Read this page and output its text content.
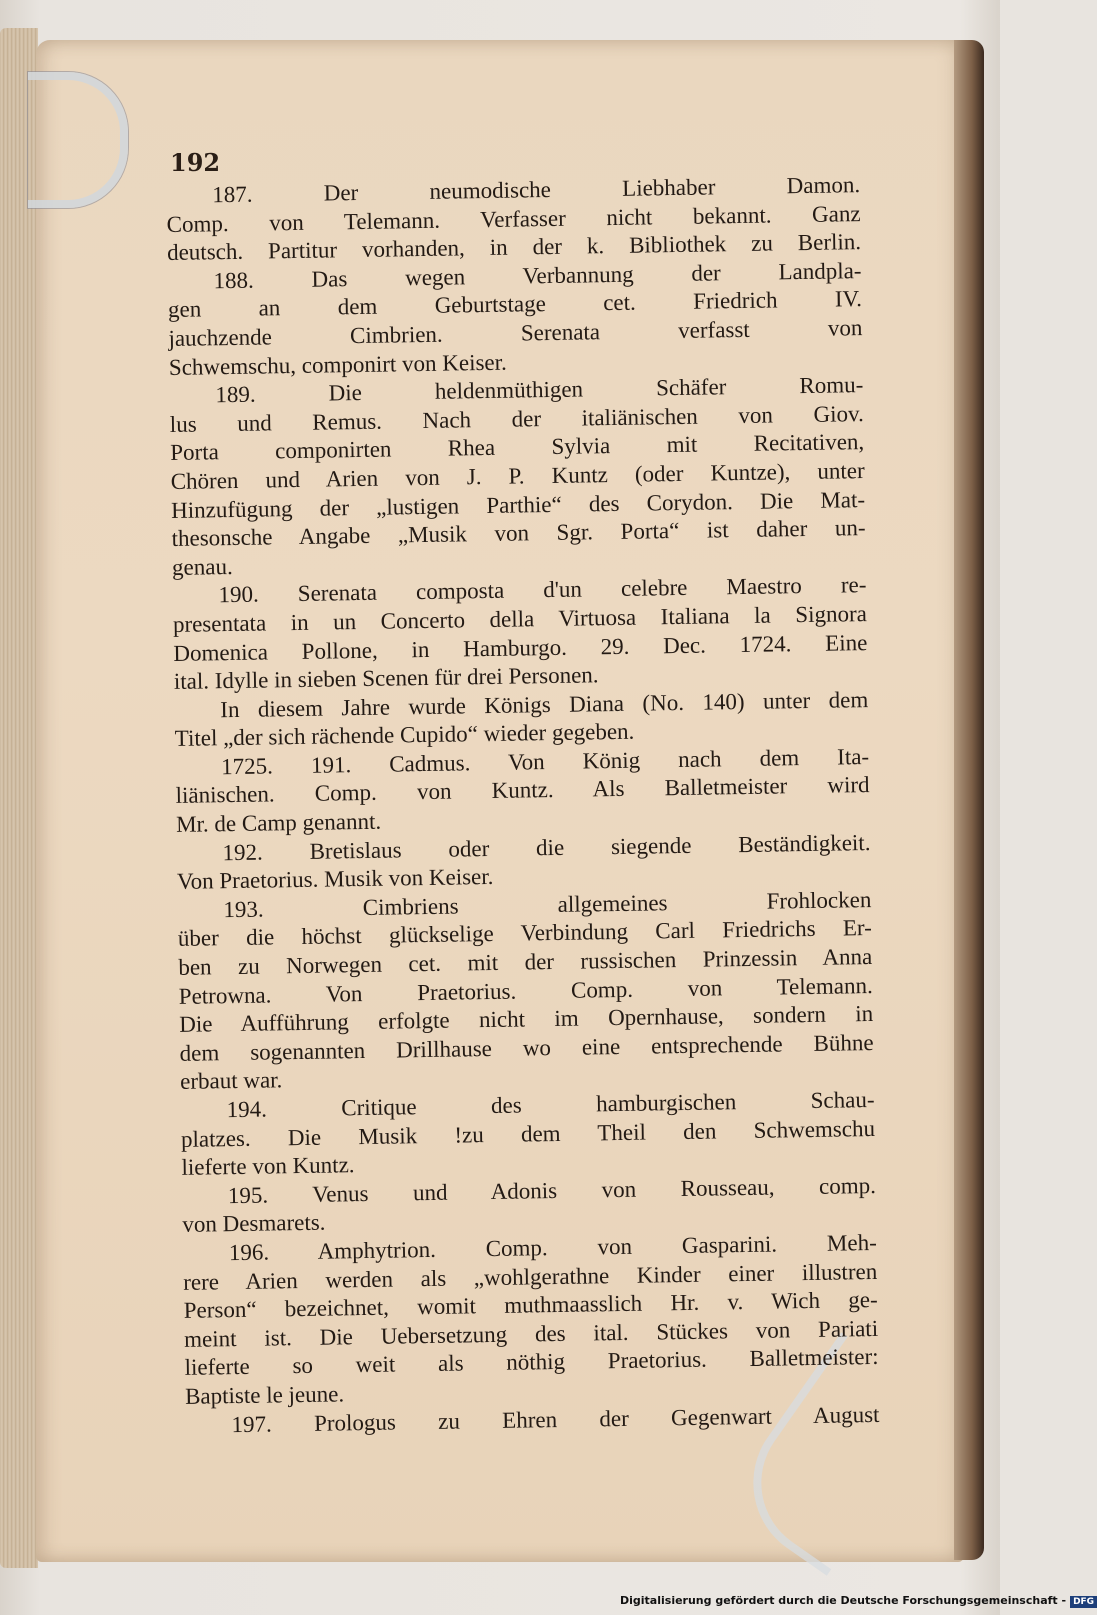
192
187. Der neumodische Liebhaber Damon.
Comp. von Telemann. Verfasser nicht bekannt. Ganz
deutsch. Partitur vorhanden, in der k. Bibliothek zu Berlin.
188. Das wegen Verbannung der Landpla-
gen an dem Geburtstage cet. Friedrich IV.
jauchzende Cimbrien. Serenata verfasst von
Schwemschu, componirt von Keiser.
189. Die heldenmüthigen Schäfer Romu-
lus und Remus. Nach der italiänischen von Giov.
Porta componirten Rhea Sylvia mit Recitativen,
Chören und Arien von J. P. Kuntz (oder Kuntze), unter
Hinzufügung der „lustigen Parthie“ des Corydon. Die Mat-
thesonsche Angabe „Musik von Sgr. Porta“ ist daher un-
genau.
190. Serenata composta d'un celebre Maestro re-
presentata in un Concerto della Virtuosa Italiana la Signora
Domenica Pollone, in Hamburgo. 29. Dec. 1724. Eine
ital. Idylle in sieben Scenen für drei Personen.
In diesem Jahre wurde Königs Diana (No. 140) unter dem
Titel „der sich rächende Cupido“ wieder gegeben.
1725. 191. Cadmus. Von König nach dem Ita-
liänischen. Comp. von Kuntz. Als Balletmeister wird
Mr. de Camp genannt.
192. Bretislaus oder die siegende Beständigkeit.
Von Praetorius. Musik von Keiser.
193. Cimbriens allgemeines Frohlocken
über die höchst glückselige Verbindung Carl Friedrichs Er-
ben zu Norwegen cet. mit der russischen Prinzessin Anna
Petrowna. Von Praetorius. Comp. von Telemann.
Die Aufführung erfolgte nicht im Opernhause, sondern in
dem sogenannten Drillhause wo eine entsprechende Bühne
erbaut war.
194. Critique des hamburgischen Schau-
platzes. Die Musik !zu dem Theil den Schwemschu
lieferte von Kuntz.
195. Venus und Adonis von Rousseau, comp.
von Desmarets.
196. Amphytrion. Comp. von Gasparini. Meh-
rere Arien werden als „wohlgerathne Kinder einer illustren
Person“ bezeichnet, womit muthmaasslich Hr. v. Wich ge-
meint ist. Die Uebersetzung des ital. Stückes von Pariati
lieferte so weit als nöthig Praetorius. Balletmeister:
Baptiste le jeune.
197. Prologus zu Ehren der Gegenwart August
Digitalisierung gefördert durch die Deutsche Forschungsgemeinschaft - DFG
